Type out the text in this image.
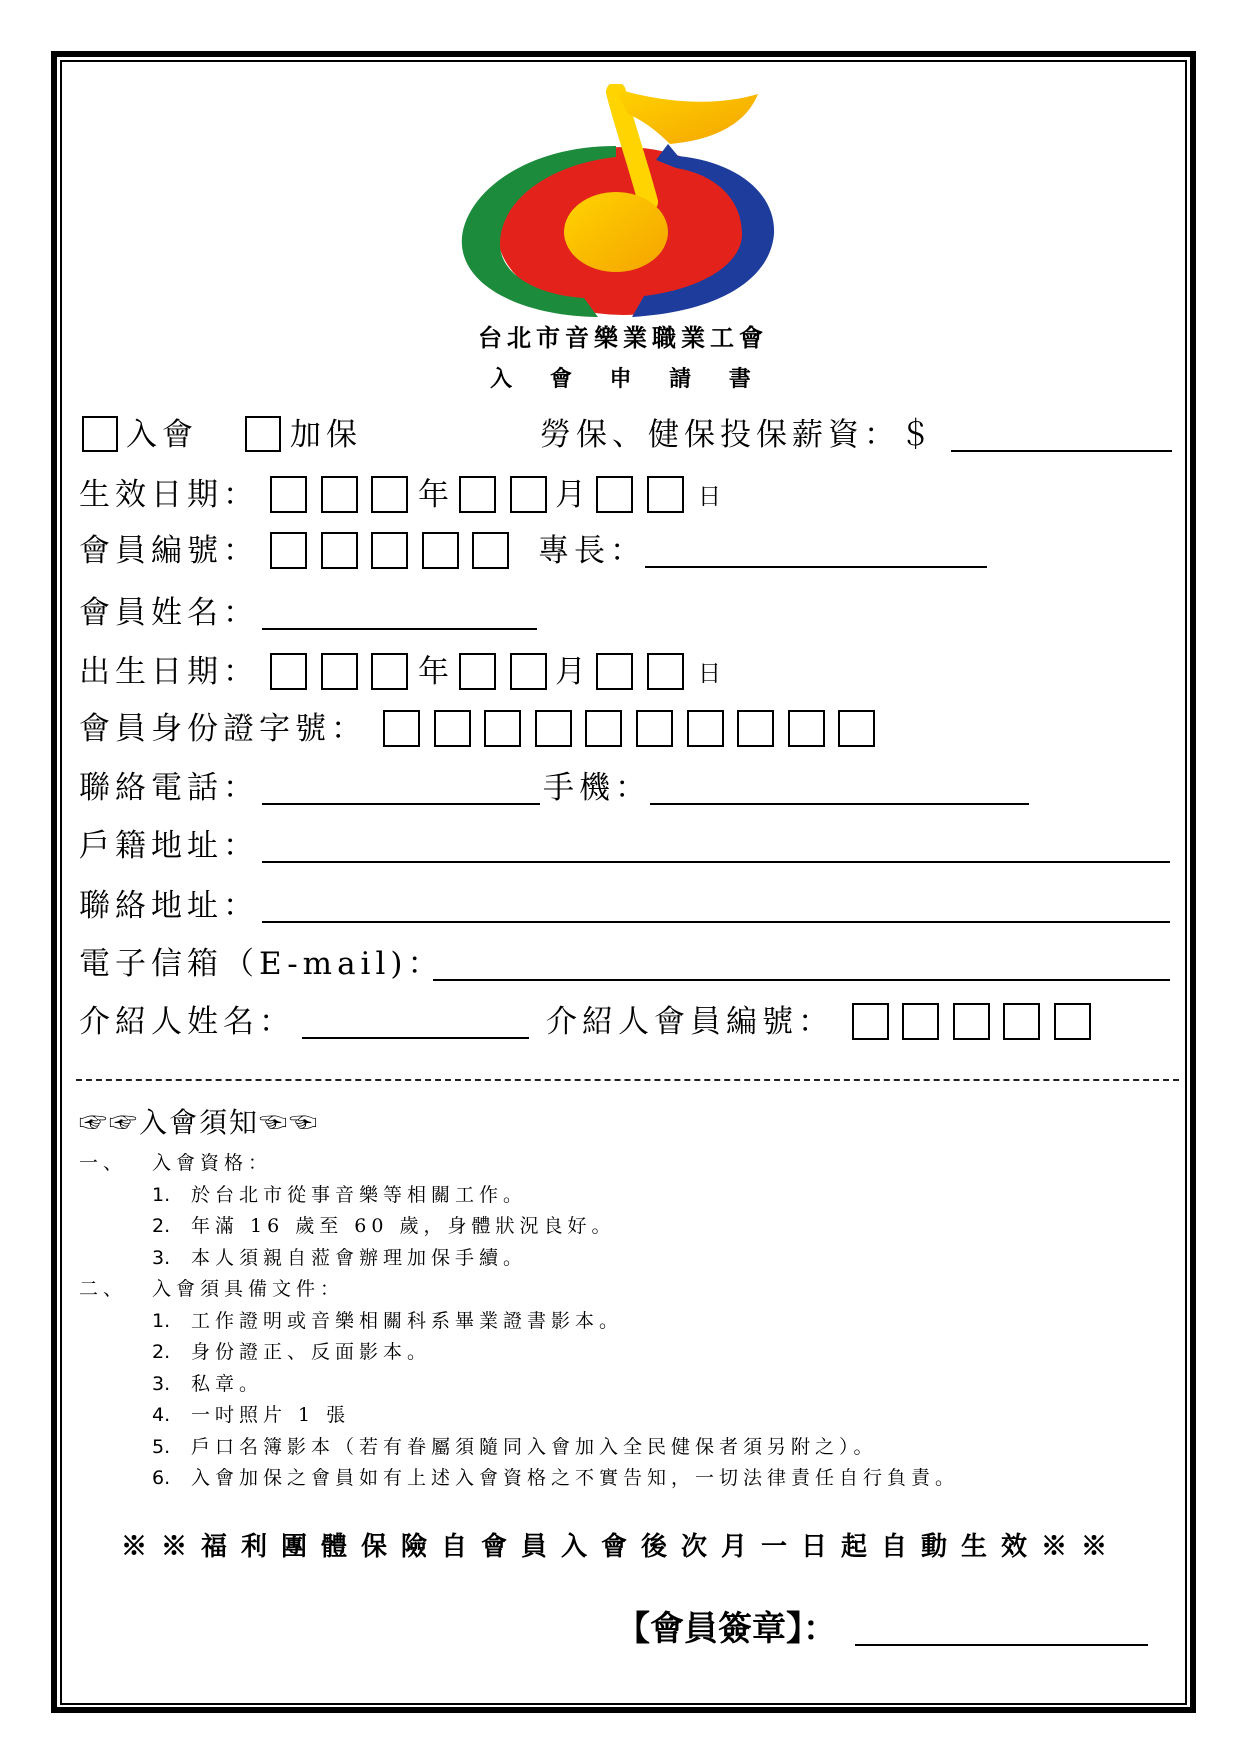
台北市音樂業職業工會
入 會 申 請 書
入會	加保	勞保、健保投保薪資：＄
生效日期：	年	月	日
會員編號：	專長：
會員姓名：
出生日期：	年	月	日
會員身份證字號：
聯絡電話：	手機：
戶籍地址：
聯絡地址：
電子信箱（E-mail)：
介紹人姓名：	介紹人會員編號：
☞☞入會須知☜☜
一、 入會資格：
1. 於台北市從事音樂等相關工作。
2. 年滿 16 歲至 60 歲，身體狀況良好。
3. 本人須親自蒞會辦理加保手續。
二、 入會須具備文件：
1. 工作證明或音樂相關科系畢業證書影本。
2. 身份證正、反面影本。
3. 私章。
4. 一吋照片 1 張
5. 戶口名簿影本（若有眷屬須隨同入會加入全民健保者須另附之）。
6. 入會加保之會員如有上述入會資格之不實告知，一切法律責任自行負責。
※※福利團體保險自會員入會後次月一日起自動生效※※
【會員簽章】：
